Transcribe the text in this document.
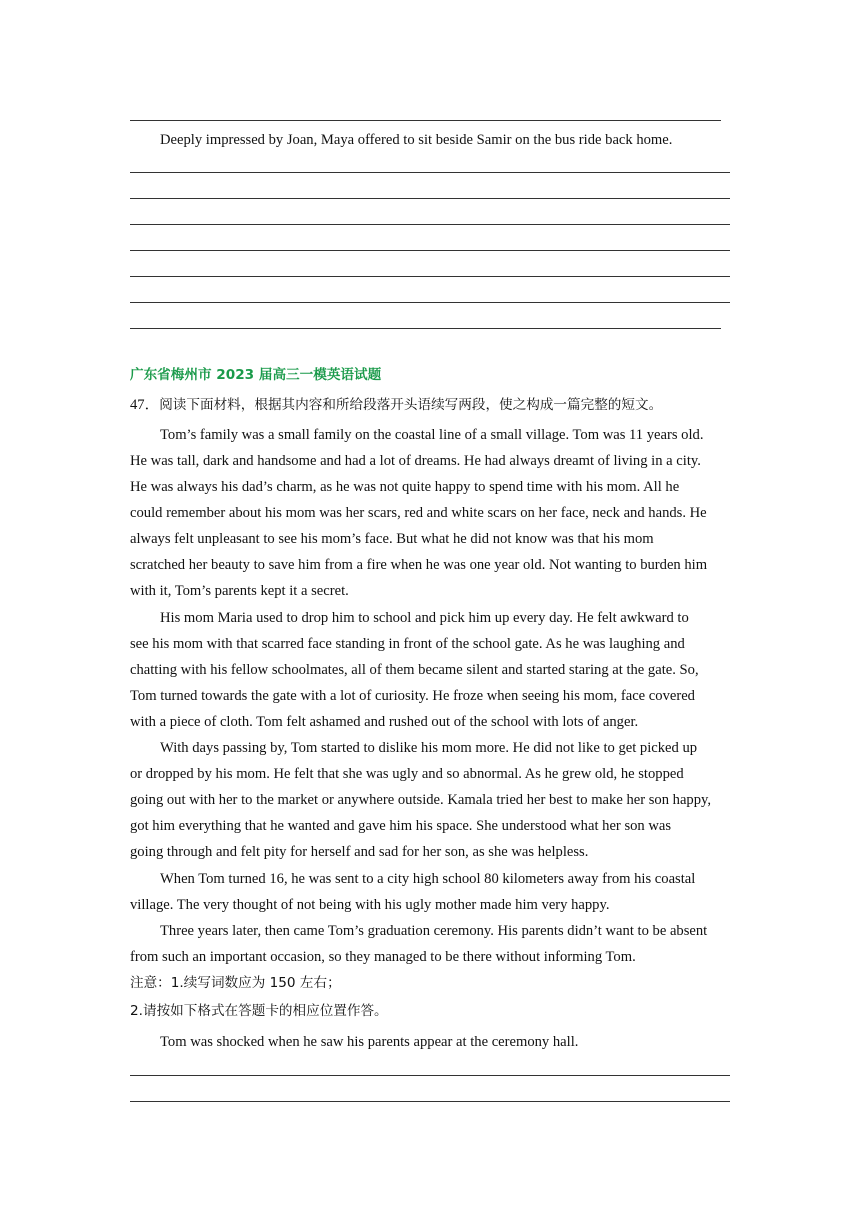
Deeply impressed by Joan, Maya offered to sit beside Samir on the bus ride back home.
广东省梅州市 2023 届高三一模英语试题
47．阅读下面材料，根据其内容和所给段落开头语续写两段，使之构成一篇完整的短文。
Tom’s family was a small family on the coastal line of a small village. Tom was 11 years old.
He was tall, dark and handsome and had a lot of dreams. He had always dreamt of living in a city.
He was always his dad’s charm, as he was not quite happy to spend time with his mom. All he
could remember about his mom was her scars, red and white scars on her face, neck and hands. He
always felt unpleasant to see his mom’s face. But what he did not know was that his mom
scratched her beauty to save him from a fire when he was one year old. Not wanting to burden him
with it, Tom’s parents kept it a secret.
His mom Maria used to drop him to school and pick him up every day. He felt awkward to
see his mom with that scarred face standing in front of the school gate. As he was laughing and
chatting with his fellow schoolmates, all of them became silent and started staring at the gate. So,
Tom turned towards the gate with a lot of curiosity. He froze when seeing his mom, face covered
with a piece of cloth. Tom felt ashamed and rushed out of the school with lots of anger.
With days passing by, Tom started to dislike his mom more. He did not like to get picked up
or dropped by his mom. He felt that she was ugly and so abnormal. As he grew old, he stopped
going out with her to the market or anywhere outside. Kamala tried her best to make her son happy,
got him everything that he wanted and gave him his space. She understood what her son was
going through and felt pity for herself and sad for her son, as she was helpless.
When Tom turned 16, he was sent to a city high school 80 kilometers away from his coastal
village. The very thought of not being with his ugly mother made him very happy.
Three years later, then came Tom’s graduation ceremony. His parents didn’t want to be absent
from such an important occasion, so they managed to be there without informing Tom.
注意：1.续写词数应为 150 左右；
2.请按如下格式在答题卡的相应位置作答。
Tom was shocked when he saw his parents appear at the ceremony hall.
